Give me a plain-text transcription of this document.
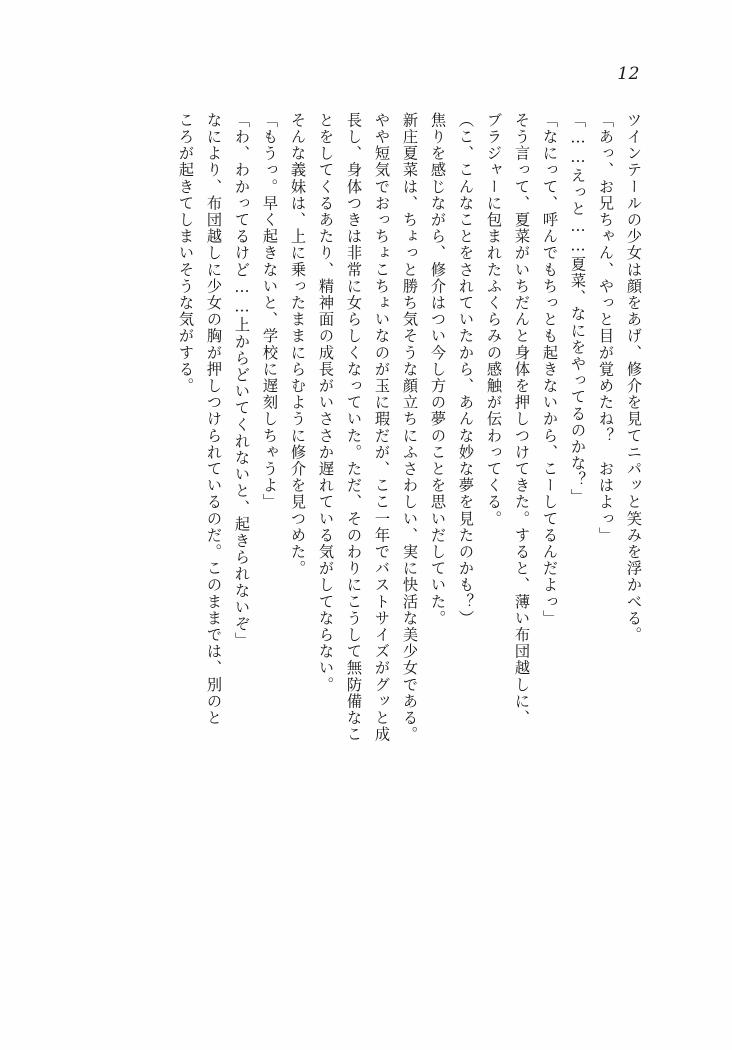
12
ツインテールの少女は顔をあげ、修介を見てニパッと笑みを浮かべる。
「あっ、お兄ちゃん、やっと目が覚めたね？　おはよっ」
「……えっと……夏菜、なにをやってるのかな？」
「なにって、呼んでもちっとも起きないから、こーしてるんだよっ」
そう言って、夏菜がいちだんと身体を押しつけてきた。すると、薄い布団越しに、
ブラジャーに包まれたふくらみの感触が伝わってくる。
（こ、こんなことをされていたから、あんな妙な夢を見たのかも？）
焦りを感じながら、修介はつい今し方の夢のことを思いだしていた。
新庄夏菜は、ちょっと勝ち気そうな顔立ちにふさわしい、実に快活な美少女である。
やや短気でおっちょこちょいなのが玉に瑕だが、ここ一年でバストサイズがグッと成
長し、身体つきは非常に女らしくなっていた。ただ、そのわりにこうして無防備なこ
とをしてくるあたり、精神面の成長がいささか遅れている気がしてならない。
そんな義妹は、上に乗ったままにらむように修介を見つめた。
「もうっ。早く起きないと、学校に遅刻しちゃうよ」
「わ、わかってるけど……上からどいてくれないと、起きられないぞ」
なにより、布団越しに少女の胸が押しつけられているのだ。このままでは、別のと
ころが起きてしまいそうな気がする。
